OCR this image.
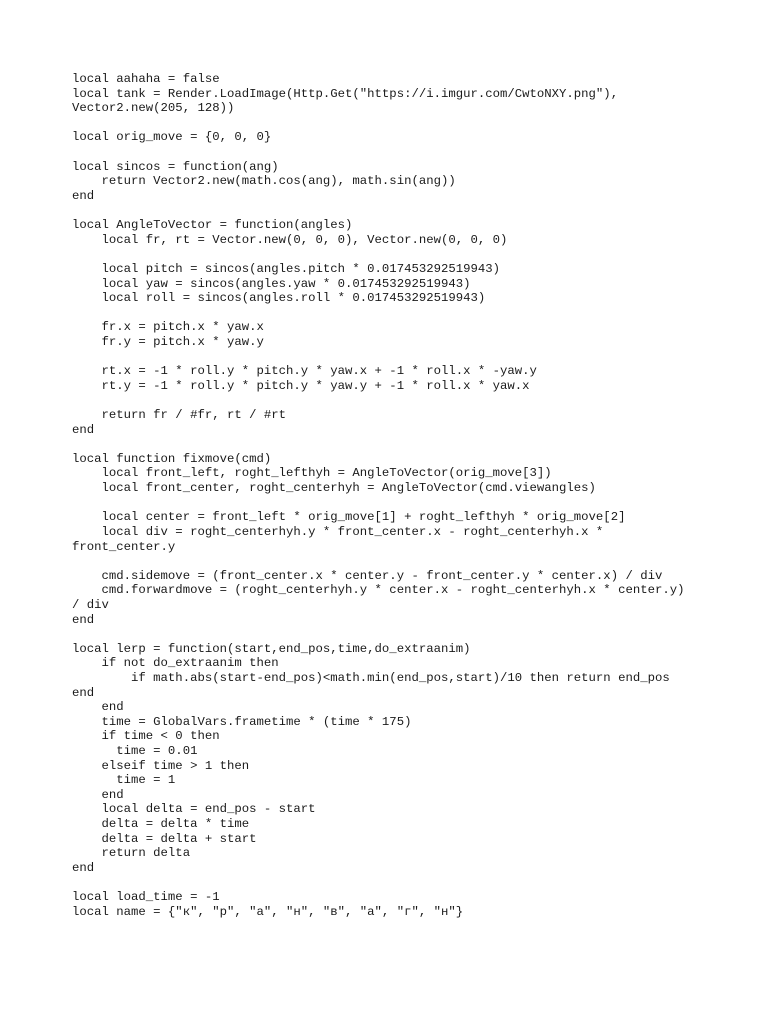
local aahaha = false
local tank = Render.LoadImage(Http.Get("https://i.imgur.com/CwtoNXY.png"),
Vector2.new(205, 128))
local orig_move = {0, 0, 0}
local sincos = function(ang)
return Vector2.new(math.cos(ang), math.sin(ang))
end
local AngleToVector = function(angles)
local fr, rt = Vector.new(0, 0, 0), Vector.new(0, 0, 0)
local pitch = sincos(angles.pitch * 0.017453292519943)
local yaw = sincos(angles.yaw * 0.017453292519943)
local roll = sincos(angles.roll * 0.017453292519943)
fr.x = pitch.x * yaw.x
fr.y = pitch.x * yaw.y
rt.x = -1 * roll.y * pitch.y * yaw.x + -1 * roll.x * -yaw.y
rt.y = -1 * roll.y * pitch.y * yaw.y + -1 * roll.x * yaw.x
return fr / #fr, rt / #rt
end
local function fixmove(cmd)
local front_left, roght_lefthyh = AngleToVector(orig_move[3])
local front_center, roght_centerhyh = AngleToVector(cmd.viewangles)
local center = front_left * orig_move[1] + roght_lefthyh * orig_move[2]
local div = roght_centerhyh.y * front_center.x - roght_centerhyh.x *
front_center.y
cmd.sidemove = (front_center.x * center.y - front_center.y * center.x) / div
cmd.forwardmove = (roght_centerhyh.y * center.x - roght_centerhyh.x * center.y)
/ div
end
local lerp = function(start,end_pos,time,do_extraanim)
if not do_extraanim then
if math.abs(start-end_pos)<math.min(end_pos,start)/10 then return end_pos
end
end
time = GlobalVars.frametime * (time * 175)
if time < 0 then
time = 0.01
elseif time > 1 then
time = 1
end
local delta = end_pos - start
delta = delta * time
delta = delta + start
return delta
end
local load_time = -1
local name = {"к", "р", "а", "н", "в", "а", "г", "н"}
